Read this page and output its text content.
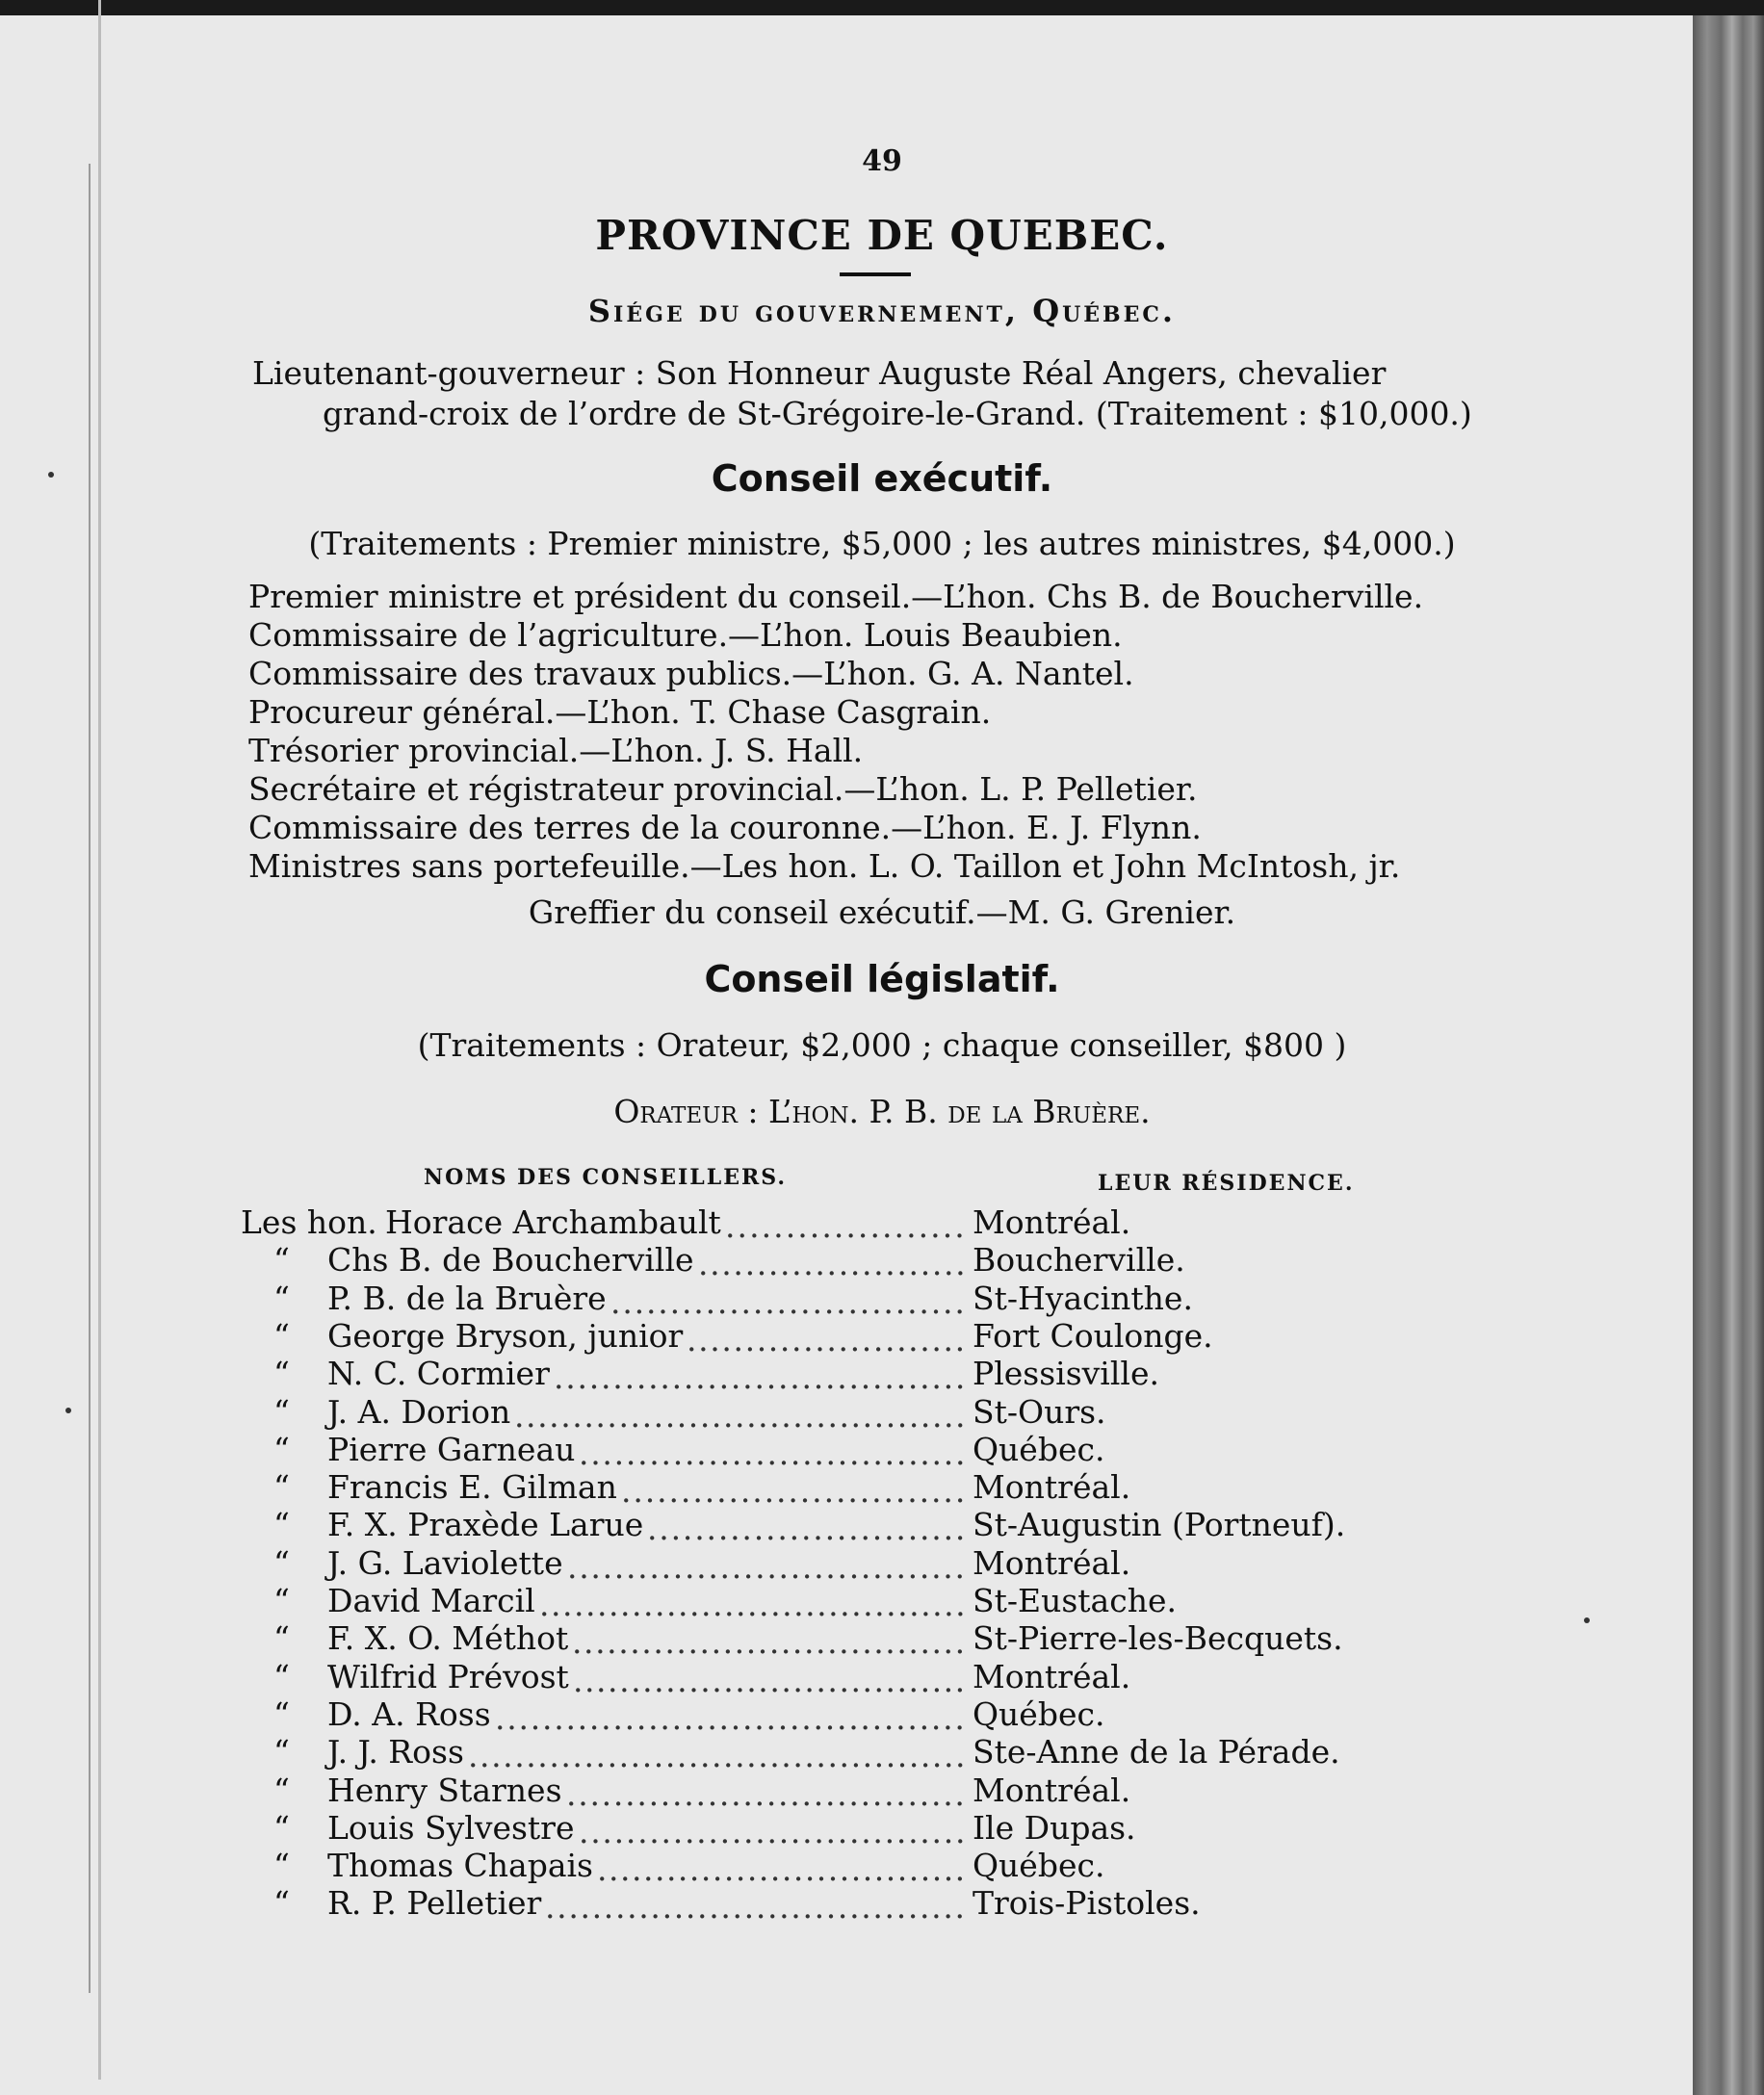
49
PROVINCE DE QUEBEC.
Siége du gouvernement, Québec.
Lieutenant-gouverneur : Son Honneur Auguste Réal Angers, chevalier
grand-croix de l’ordre de St-Grégoire-le-Grand. (Traitement : $10,000.)
Conseil exécutif.
(Traitements : Premier ministre, $5,000 ; les autres ministres, $4,000.)
Premier ministre et président du conseil.—L’hon. Chs B. de Boucherville.
Commissaire de l’agriculture.—L’hon. Louis Beaubien.
Commissaire des travaux publics.—L’hon. G. A. Nantel.
Procureur général.—L’hon. T. Chase Casgrain.
Trésorier provincial.—L’hon. J. S. Hall.
Secrétaire et régistrateur provincial.—L’hon. L. P. Pelletier.
Commissaire des terres de la couronne.—L’hon. E. J. Flynn.
Ministres sans portefeuille.—Les hon. L. O. Taillon et John McIntosh, jr.
Greffier du conseil exécutif.—M. G. Grenier.
Conseil législatif.
(Traitements : Orateur, $2,000 ; chaque conseiller, $800 )
Orateur : L’hon. P. B. de la Bruère.
NOMS DES CONSEILLERS.	LEUR RÉSIDENCE.
Les hon. Horace Archambault .................... Montréal.
“ Chs B. de Boucherville ....................... Boucherville.
“ P. B. de la Bruère .............................. St-Hyacinthe.
“ George Bryson, junior ........................ Fort Coulonge.
“ N. C. Cormier ................................... Plessisville.
“ J. A. Dorion ....................................... St-Ours.
“ Pierre Garneau ................................. Québec.
“ Francis E. Gilman ............................. Montréal.
“ F. X. Praxède Larue ........................... St-Augustin (Portneuf).
“ J. G. Laviolette .................................. Montréal.
“ David Marcil ..................................... St-Eustache.
“ F. X. O. Méthot .................................. St-Pierre-les-Becquets.
“ Wilfrid Prévost .................................. Montréal.
“ D. A. Ross ........................................ Québec.
“ J. J. Ross ........................................... Ste-Anne de la Pérade.
“ Henry Starnes .................................. Montréal.
“ Louis Sylvestre ................................. Ile Dupas.
“ Thomas Chapais ................................ Québec.
“ R. P. Pelletier .................................... Trois-Pistoles.
